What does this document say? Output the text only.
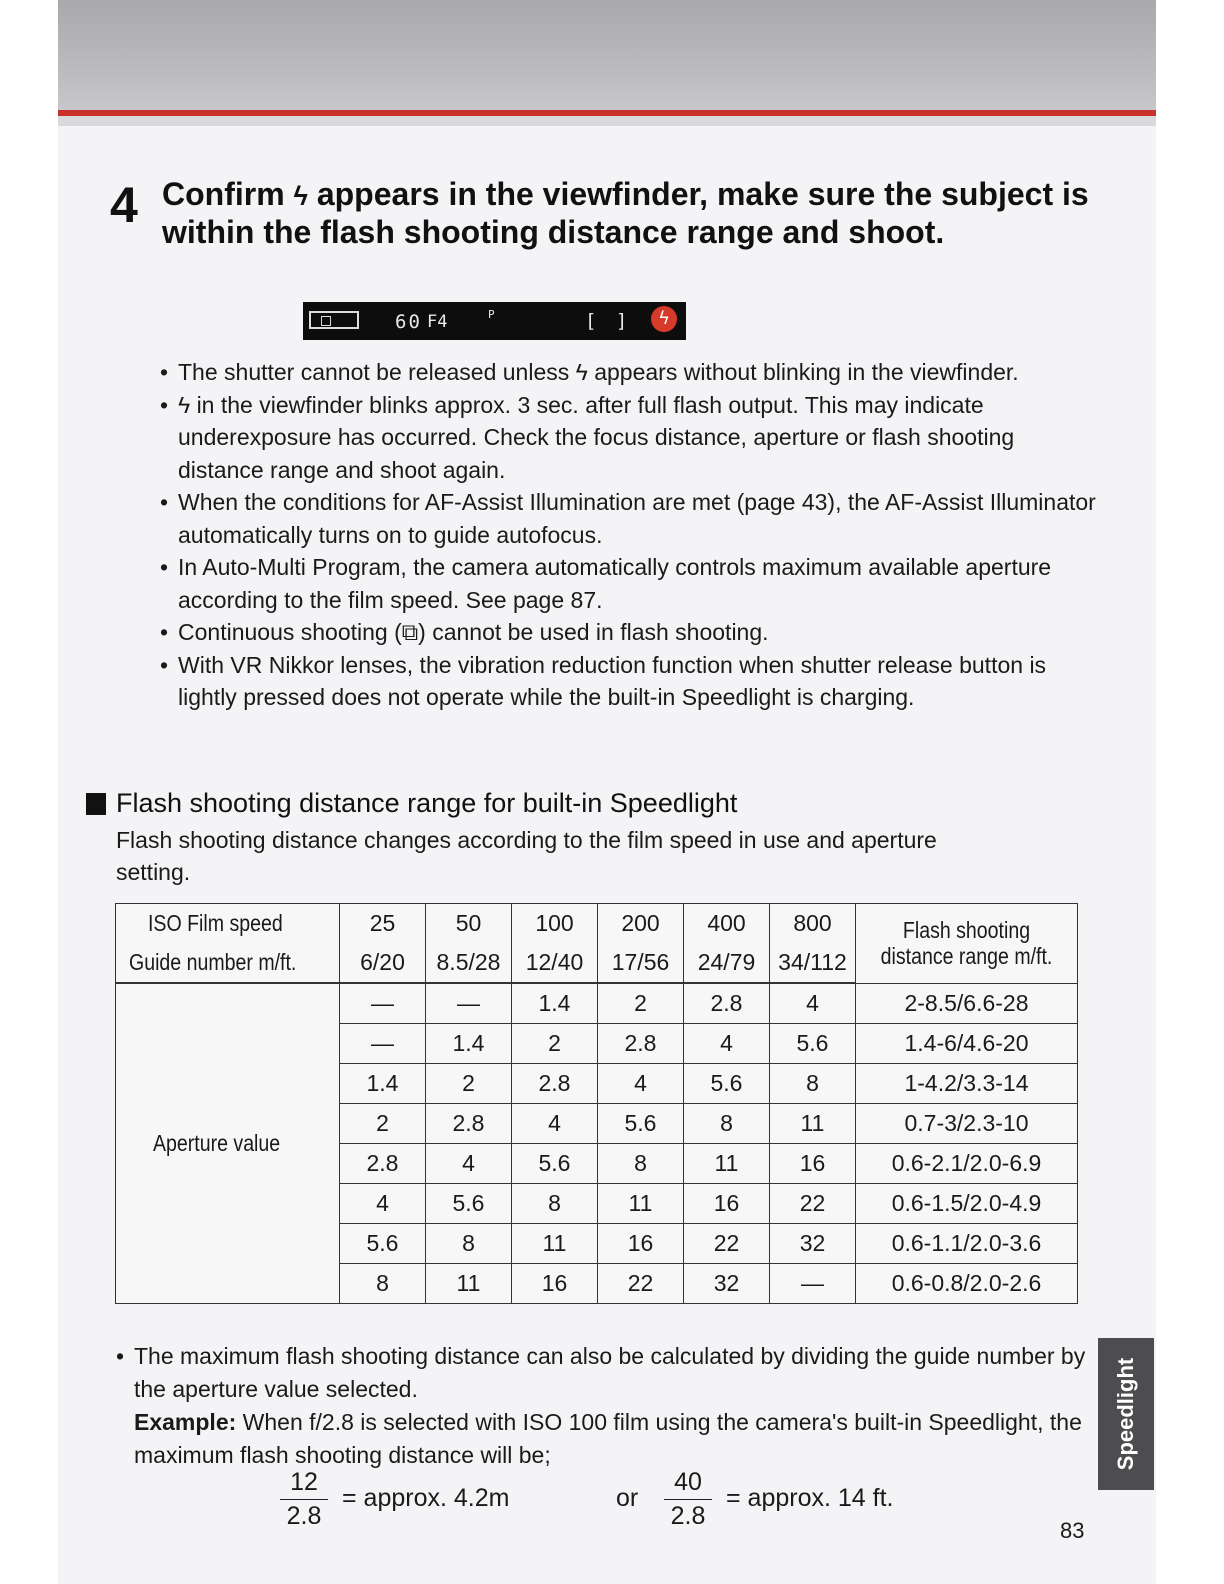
4 Confirm ϟ appears in the viewfinder, make sure the subject is within the flash shooting distance range and shoot.
60 F4	P	[ ]	ϟ
• The shutter cannot be released unless ϟ appears without blinking in the viewfinder.
• ϟ in the viewfinder blinks approx. 3 sec. after full flash output. This may indicate underexposure has occurred. Check the focus distance, aperture or flash shooting distance range and shoot again.
• When the conditions for AF-Assist Illumination are met (page 43), the AF-Assist Illuminator automatically turns on to guide autofocus.
• In Auto-Multi Program, the camera automatically controls maximum available aperture according to the film speed. See page 87.
• Continuous shooting (⧉) cannot be used in flash shooting.
• With VR Nikkor lenses, the vibration reduction function when shutter release button is lightly pressed does not operate while the built-in Speedlight is charging.
Flash shooting distance range for built-in Speedlight

Flash shooting distance changes according to the film speed in use and aperture setting.

ISO Film speed	25	50	100	200	400	800	Flash shooting distance range m/ft.
Guide number m/ft.	6/20	8.5/28	12/40	17/56	24/79	34/112	
Aperture value	—	—	1.4	2	2.8	4	2-8.5/6.6-28
	—	1.4	2	2.8	4	5.6	1.4-6/4.6-20
	1.4	2	2.8	4	5.6	8	1-4.2/3.3-14
	2	2.8	4	5.6	8	11	0.7-3/2.3-10
	2.8	4	5.6	8	11	16	0.6-2.1/2.0-6.9
	4	5.6	8	11	16	22	0.6-1.5/2.0-4.9
	5.6	8	11	16	22	32	0.6-1.1/2.0-3.6
	8	11	16	22	32	—	0.6-0.8/2.0-2.6

• The maximum flash shooting distance can also be calculated by dividing the guide number by the aperture value selected.
Example: When f/2.8 is selected with ISO 100 film using the camera's built-in Speedlight, the maximum flash shooting distance will be;

12
2.8
= approx. 4.2m	or
40
2.8
= approx. 14 ft.
Speedlight
83
